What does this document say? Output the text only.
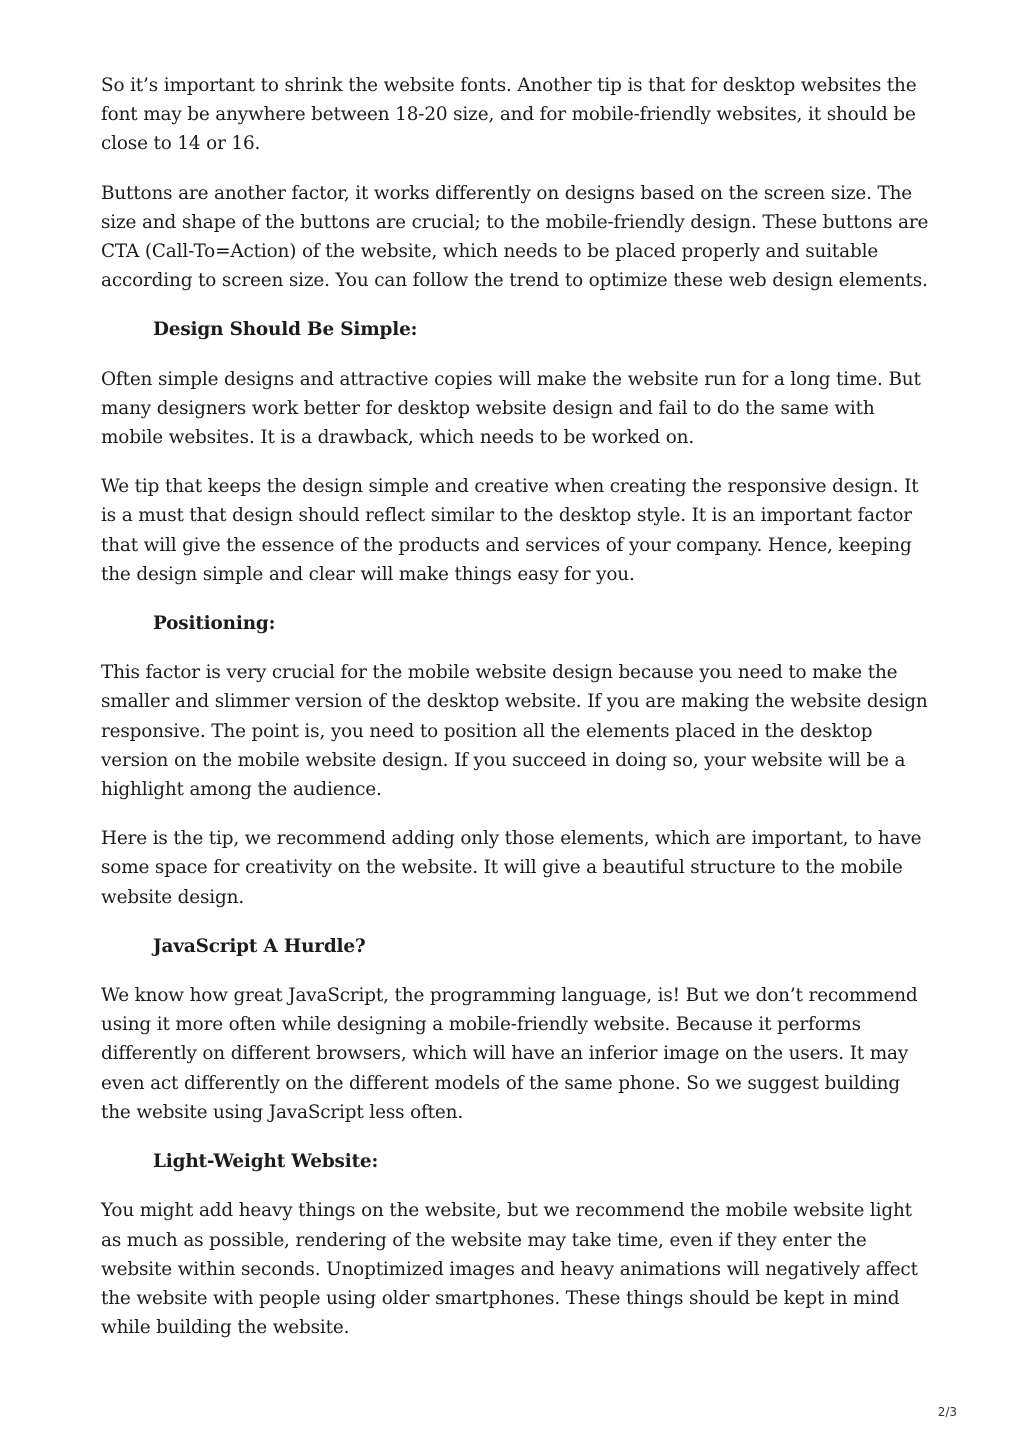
So it’s important to shrink the website fonts. Another tip is that for desktop websites the font may be anywhere between 18-20 size, and for mobile-friendly websites, it should be close to 14 or 16.

Buttons are another factor, it works differently on designs based on the screen size. The size and shape of the buttons are crucial; to the mobile-friendly design. These buttons are CTA (Call-To=Action) of the website, which needs to be placed properly and suitable according to screen size. You can follow the trend to optimize these web design elements.

Design Should Be Simple:

Often simple designs and attractive copies will make the website run for a long time. But many designers work better for desktop website design and fail to do the same with mobile websites. It is a drawback, which needs to be worked on.

We tip that keeps the design simple and creative when creating the responsive design. It is a must that design should reflect similar to the desktop style. It is an important factor that will give the essence of the products and services of your company. Hence, keeping the design simple and clear will make things easy for you.

Positioning:

This factor is very crucial for the mobile website design because you need to make the smaller and slimmer version of the desktop website. If you are making the website design responsive. The point is, you need to position all the elements placed in the desktop version on the mobile website design. If you succeed in doing so, your website will be a highlight among the audience.

Here is the tip, we recommend adding only those elements, which are important, to have some space for creativity on the website. It will give a beautiful structure to the mobile website design.

JavaScript A Hurdle?

We know how great JavaScript, the programming language, is! But we don’t recommend using it more often while designing a mobile-friendly website. Because it performs differently on different browsers, which will have an inferior image on the users. It may even act differently on the different models of the same phone. So we suggest building the website using JavaScript less often.

Light-Weight Website:

You might add heavy things on the website, but we recommend the mobile website light as much as possible, rendering of the website may take time, even if they enter the website within seconds. Unoptimized images and heavy animations will negatively affect the website with people using older smartphones. These things should be kept in mind while building the website.

2/3
